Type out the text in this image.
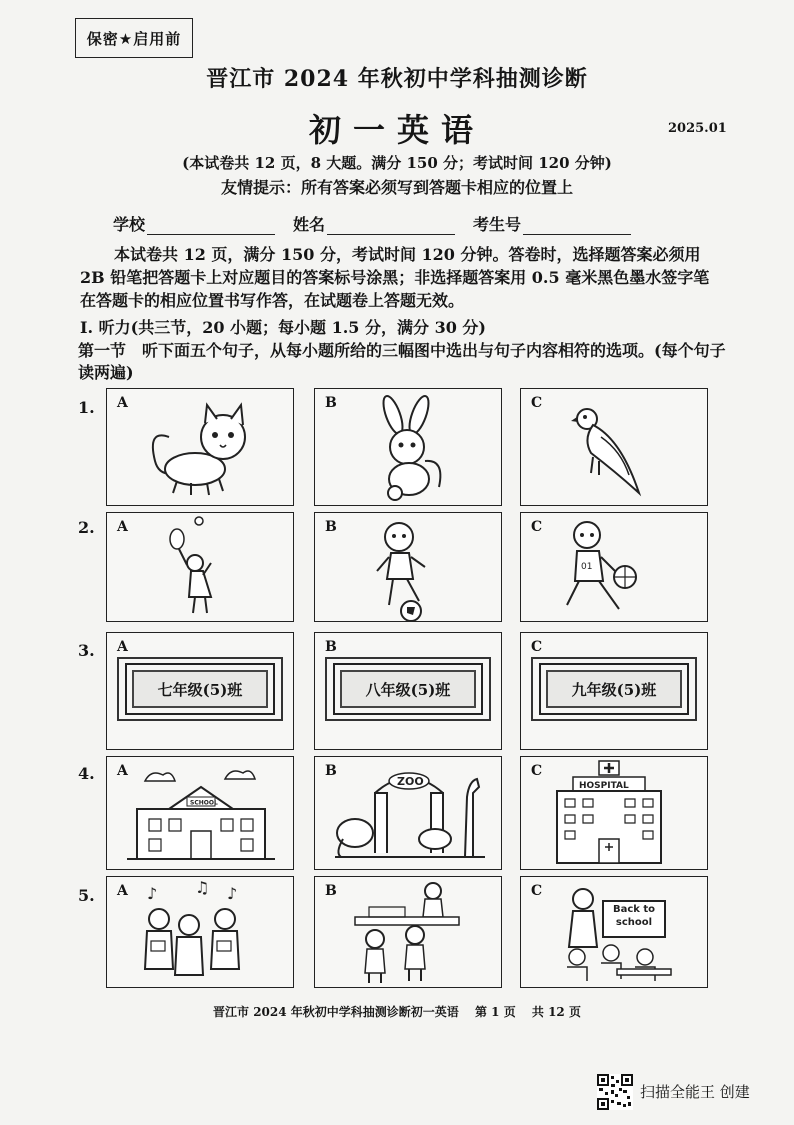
保密★启用前
晋江市 2024 年秋初中学科抽测诊断
初一英语	2025.01
(本试卷共 12 页，8 大题。满分 150 分；考试时间 120 分钟)
友情提示：所有答案必须写到答题卡相应的位置上
学校	姓名	考生号
本试卷共 12 页，满分 150 分，考试时间 120 分钟。答卷时，选择题答案必须用 2B 铅笔把答题卡上对应题目的答案标号涂黑；非选择题答案用 0.5 毫米黑色墨水签字笔在答题卡的相应位置书写作答，在试题卷上答题无效。
Ⅰ. 听力(共三节，20 小题；每小题 1.5 分，满分 30 分)
第一节　听下面五个句子，从每小题所给的三幅图中选出与句子内容相符的选项。(每个句子读两遍)
1. A	B	C
2. A	B	C
01
3. A
七年级(5)班
B
八年级(5)班
C
九年级(5)班
4. A
SCHOOL
B
ZOO
C
HOSPITAL
5. A ♪ ♫ ♪	B	C
Back to school
晋江市 2024 年秋初中学科抽测诊断初一英语 第 1 页 共 12 页
扫描全能王 创建
